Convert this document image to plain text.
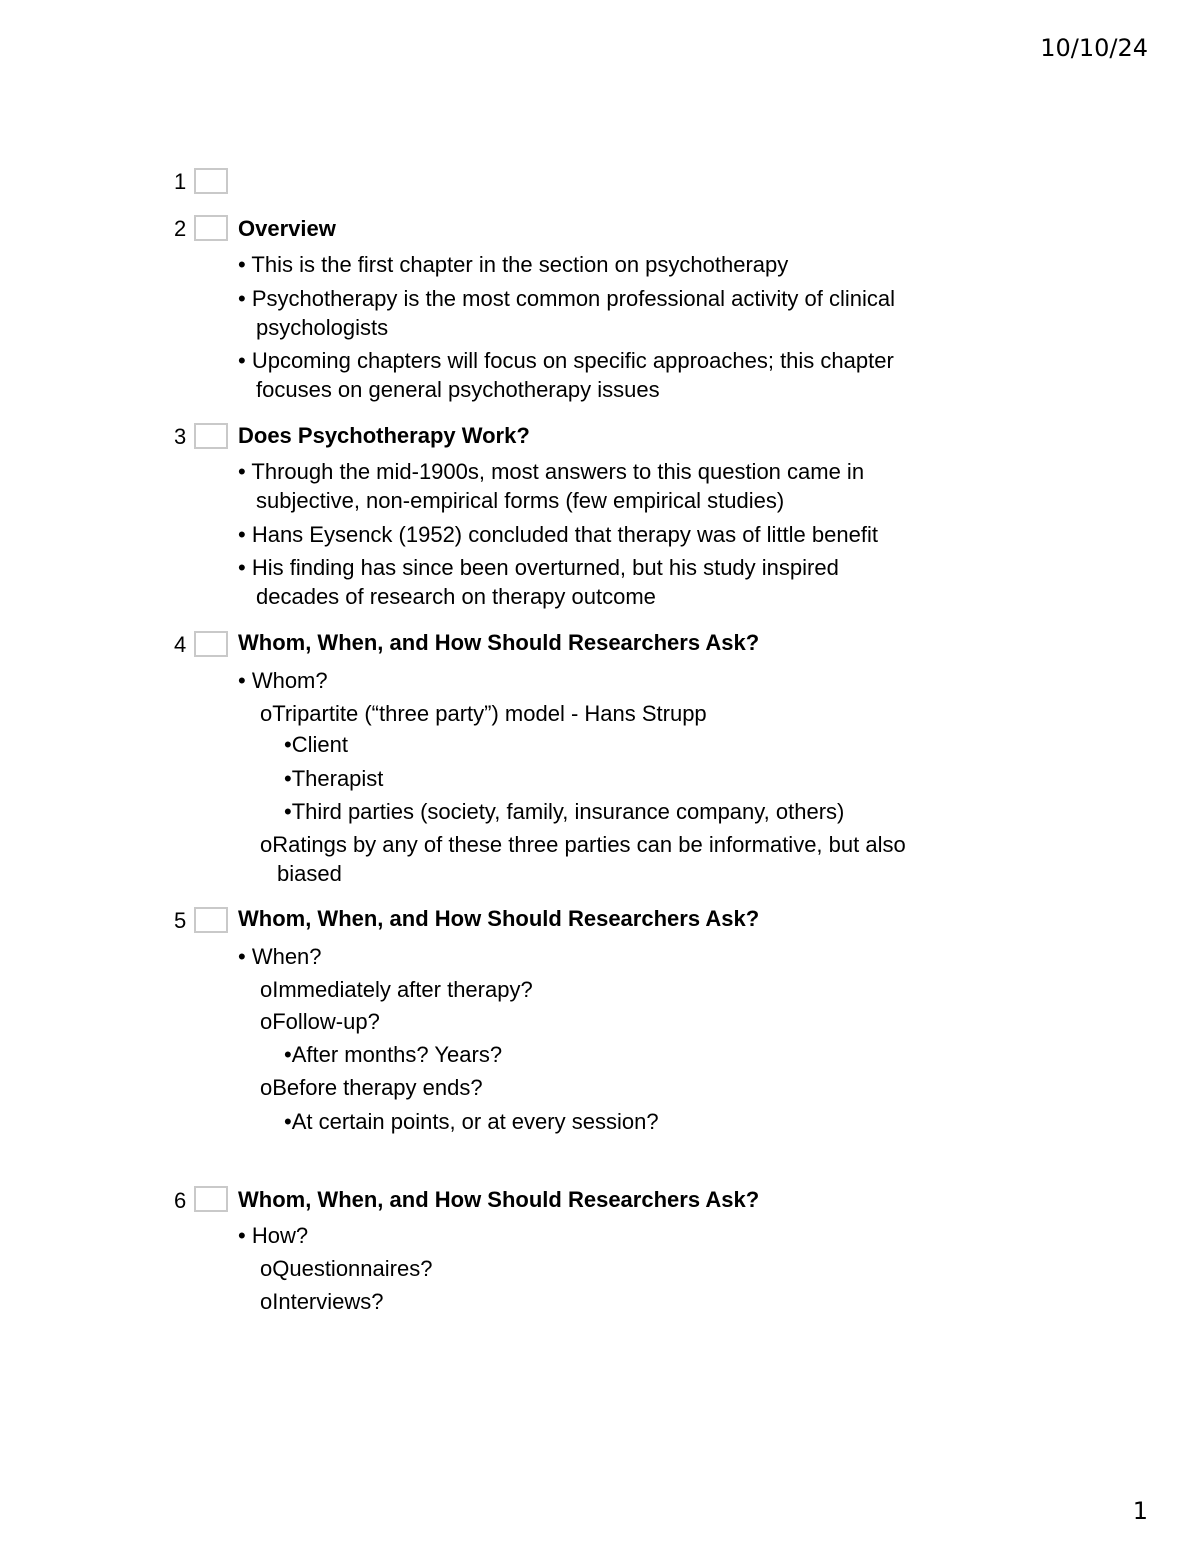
10/10/24
1
2 Overview
• This is the first chapter in the section on psychotherapy
• Psychotherapy is the most common professional activity of clinical
psychologists
• Upcoming chapters will focus on specific approaches; this chapter
focuses on general psychotherapy issues
3 Does Psychotherapy Work?
• Through the mid-1900s, most answers to this question came in
subjective, non-empirical forms (few empirical studies)
• Hans Eysenck (1952) concluded that therapy was of little benefit
• His finding has since been overturned, but his study inspired
decades of research on therapy outcome
4 Whom, When, and How Should Researchers Ask?
• Whom?
oTripartite (“three party”) model - Hans Strupp
•Client
•Therapist
•Third parties (society, family, insurance company, others)
oRatings by any of these three parties can be informative, but also
biased
5 Whom, When, and How Should Researchers Ask?
• When?
oImmediately after therapy?
oFollow-up?
•After months? Years?
oBefore therapy ends?
•At certain points, or at every session?
6 Whom, When, and How Should Researchers Ask?
• How?
oQuestionnaires?
oInterviews?
1
